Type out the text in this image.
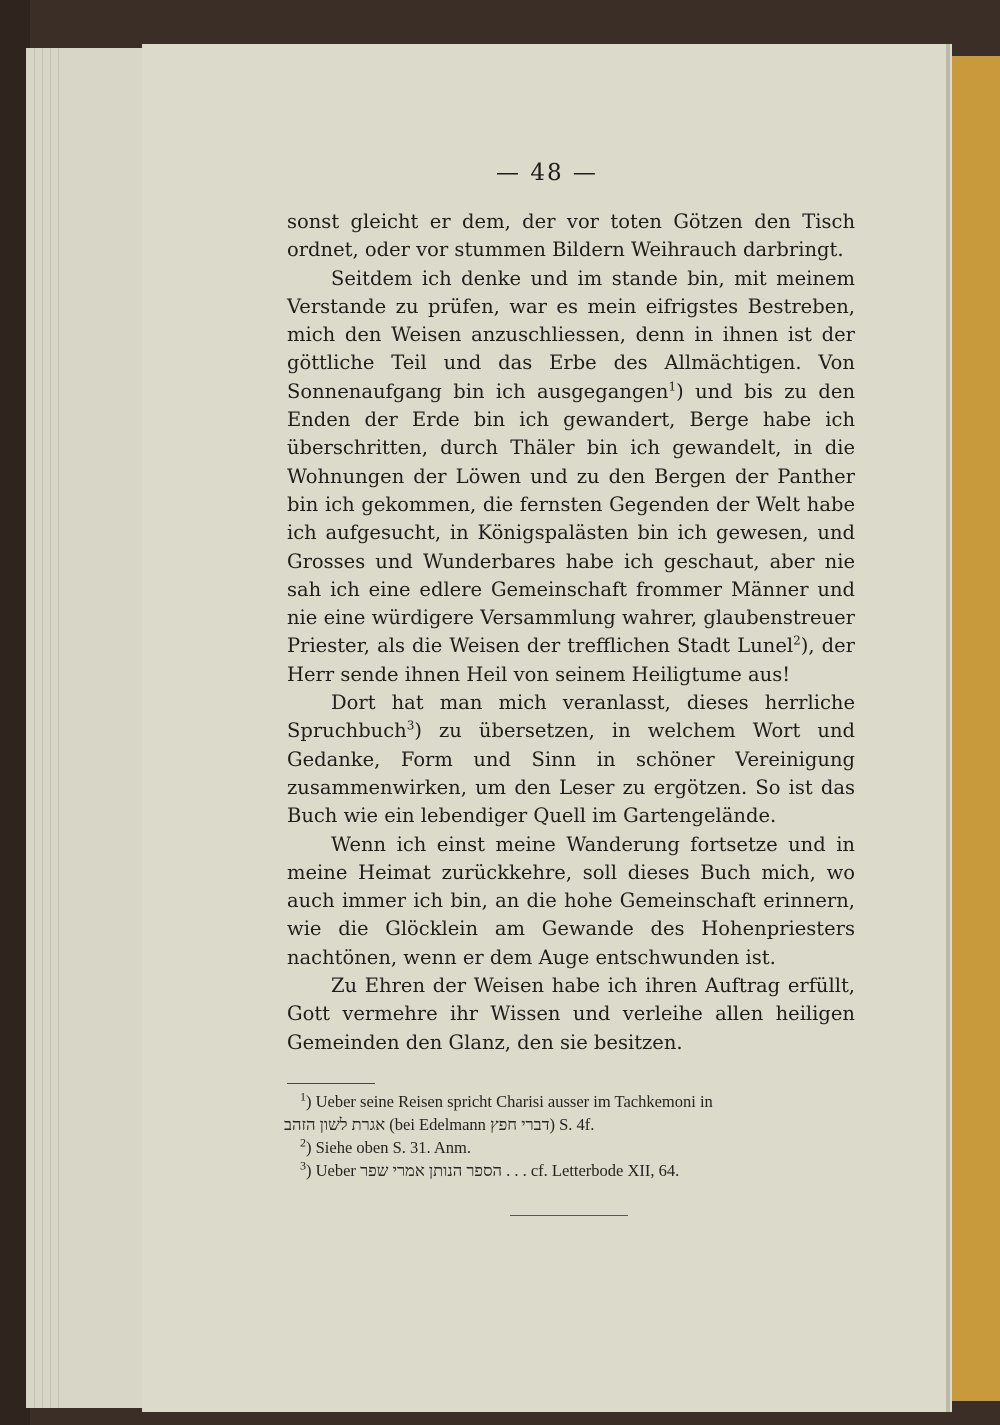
— 48 —

sonst gleicht er dem, der vor toten Götzen den Tisch ordnet, oder vor stummen Bildern Weihrauch darbringt.

Seitdem ich denke und im stande bin, mit meinem Verstande zu prüfen, war es mein eifrigstes Bestreben, mich den Weisen anzuschliessen, denn in ihnen ist der göttliche Teil und das Erbe des Allmächtigen. Von Sonnenaufgang bin ich ausgegangen$^1$) und bis zu den Enden der Erde bin ich gewandert, Berge habe ich überschritten, durch Thäler bin ich gewandelt, in die Wohnungen der Löwen und zu den Bergen der Panther bin ich gekommen, die fernsten Gegenden der Welt habe ich aufgesucht, in Königspalästen bin ich gewesen, und Grosses und Wunderbares habe ich geschaut, aber nie sah ich eine edlere Gemeinschaft frommer Männer und nie eine würdigere Versammlung wahrer, glaubenstreuer Priester, als die Weisen der trefflichen Stadt Lunel$^2$), der Herr sende ihnen Heil von seinem Heiligtume aus!

Dort hat man mich veranlasst, dieses herrliche Spruchbuch$^3$) zu übersetzen, in welchem Wort und Gedanke, Form und Sinn in schöner Vereinigung zusammenwirken, um den Leser zu ergötzen. So ist das Buch wie ein lebendiger Quell im Gartengelände.

Wenn ich einst meine Wanderung fortsetze und in meine Heimat zurückkehre, soll dieses Buch mich, wo auch immer ich bin, an die hohe Gemeinschaft erinnern, wie die Glöcklein am Gewande des Hohenpriesters nachtönen, wenn er dem Auge entschwunden ist.

Zu Ehren der Weisen habe ich ihren Auftrag erfüllt, Gott vermehre ihr Wissen und verleihe allen heiligen Gemeinden den Glanz, den sie besitzen.

$^1$) Ueber seine Reisen spricht Charisi ausser im Tachkemoni in
אגרת לשון הזהב (bei Edelmann דברי חפץ) S. 4f.
$^2$) Siehe oben S. 31. Anm.
$^3$) Ueber הספר הנותן אמרי שפר . . . cf. Letterbode XII, 64.
